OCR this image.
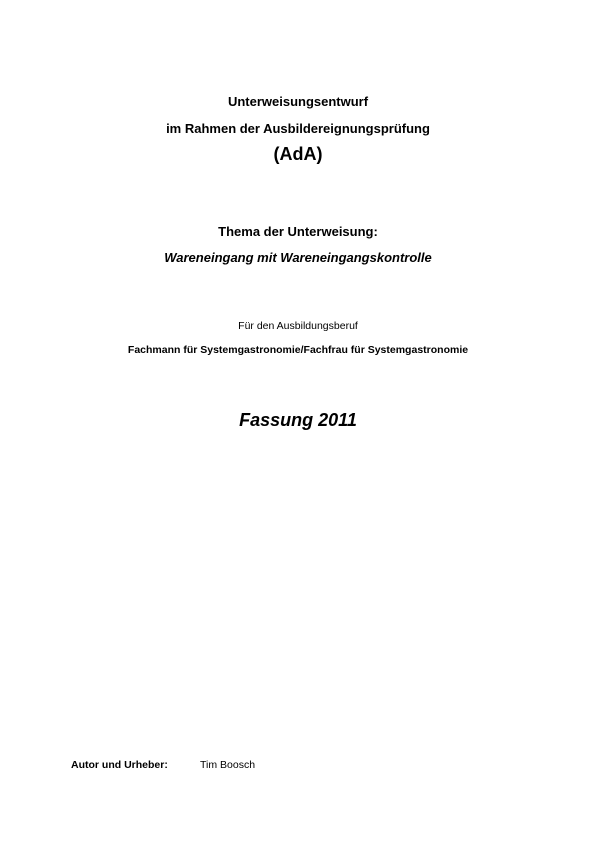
Unterweisungsentwurf
im Rahmen der Ausbildereignungsprüfung
(AdA)
Thema der Unterweisung:
Wareneingang mit Wareneingangskontrolle
Für den Ausbildungsberuf
Fachmann für Systemgastronomie/Fachfrau für Systemgastronomie
Fassung 2011
Autor und Urheber:	Tim Boosch
